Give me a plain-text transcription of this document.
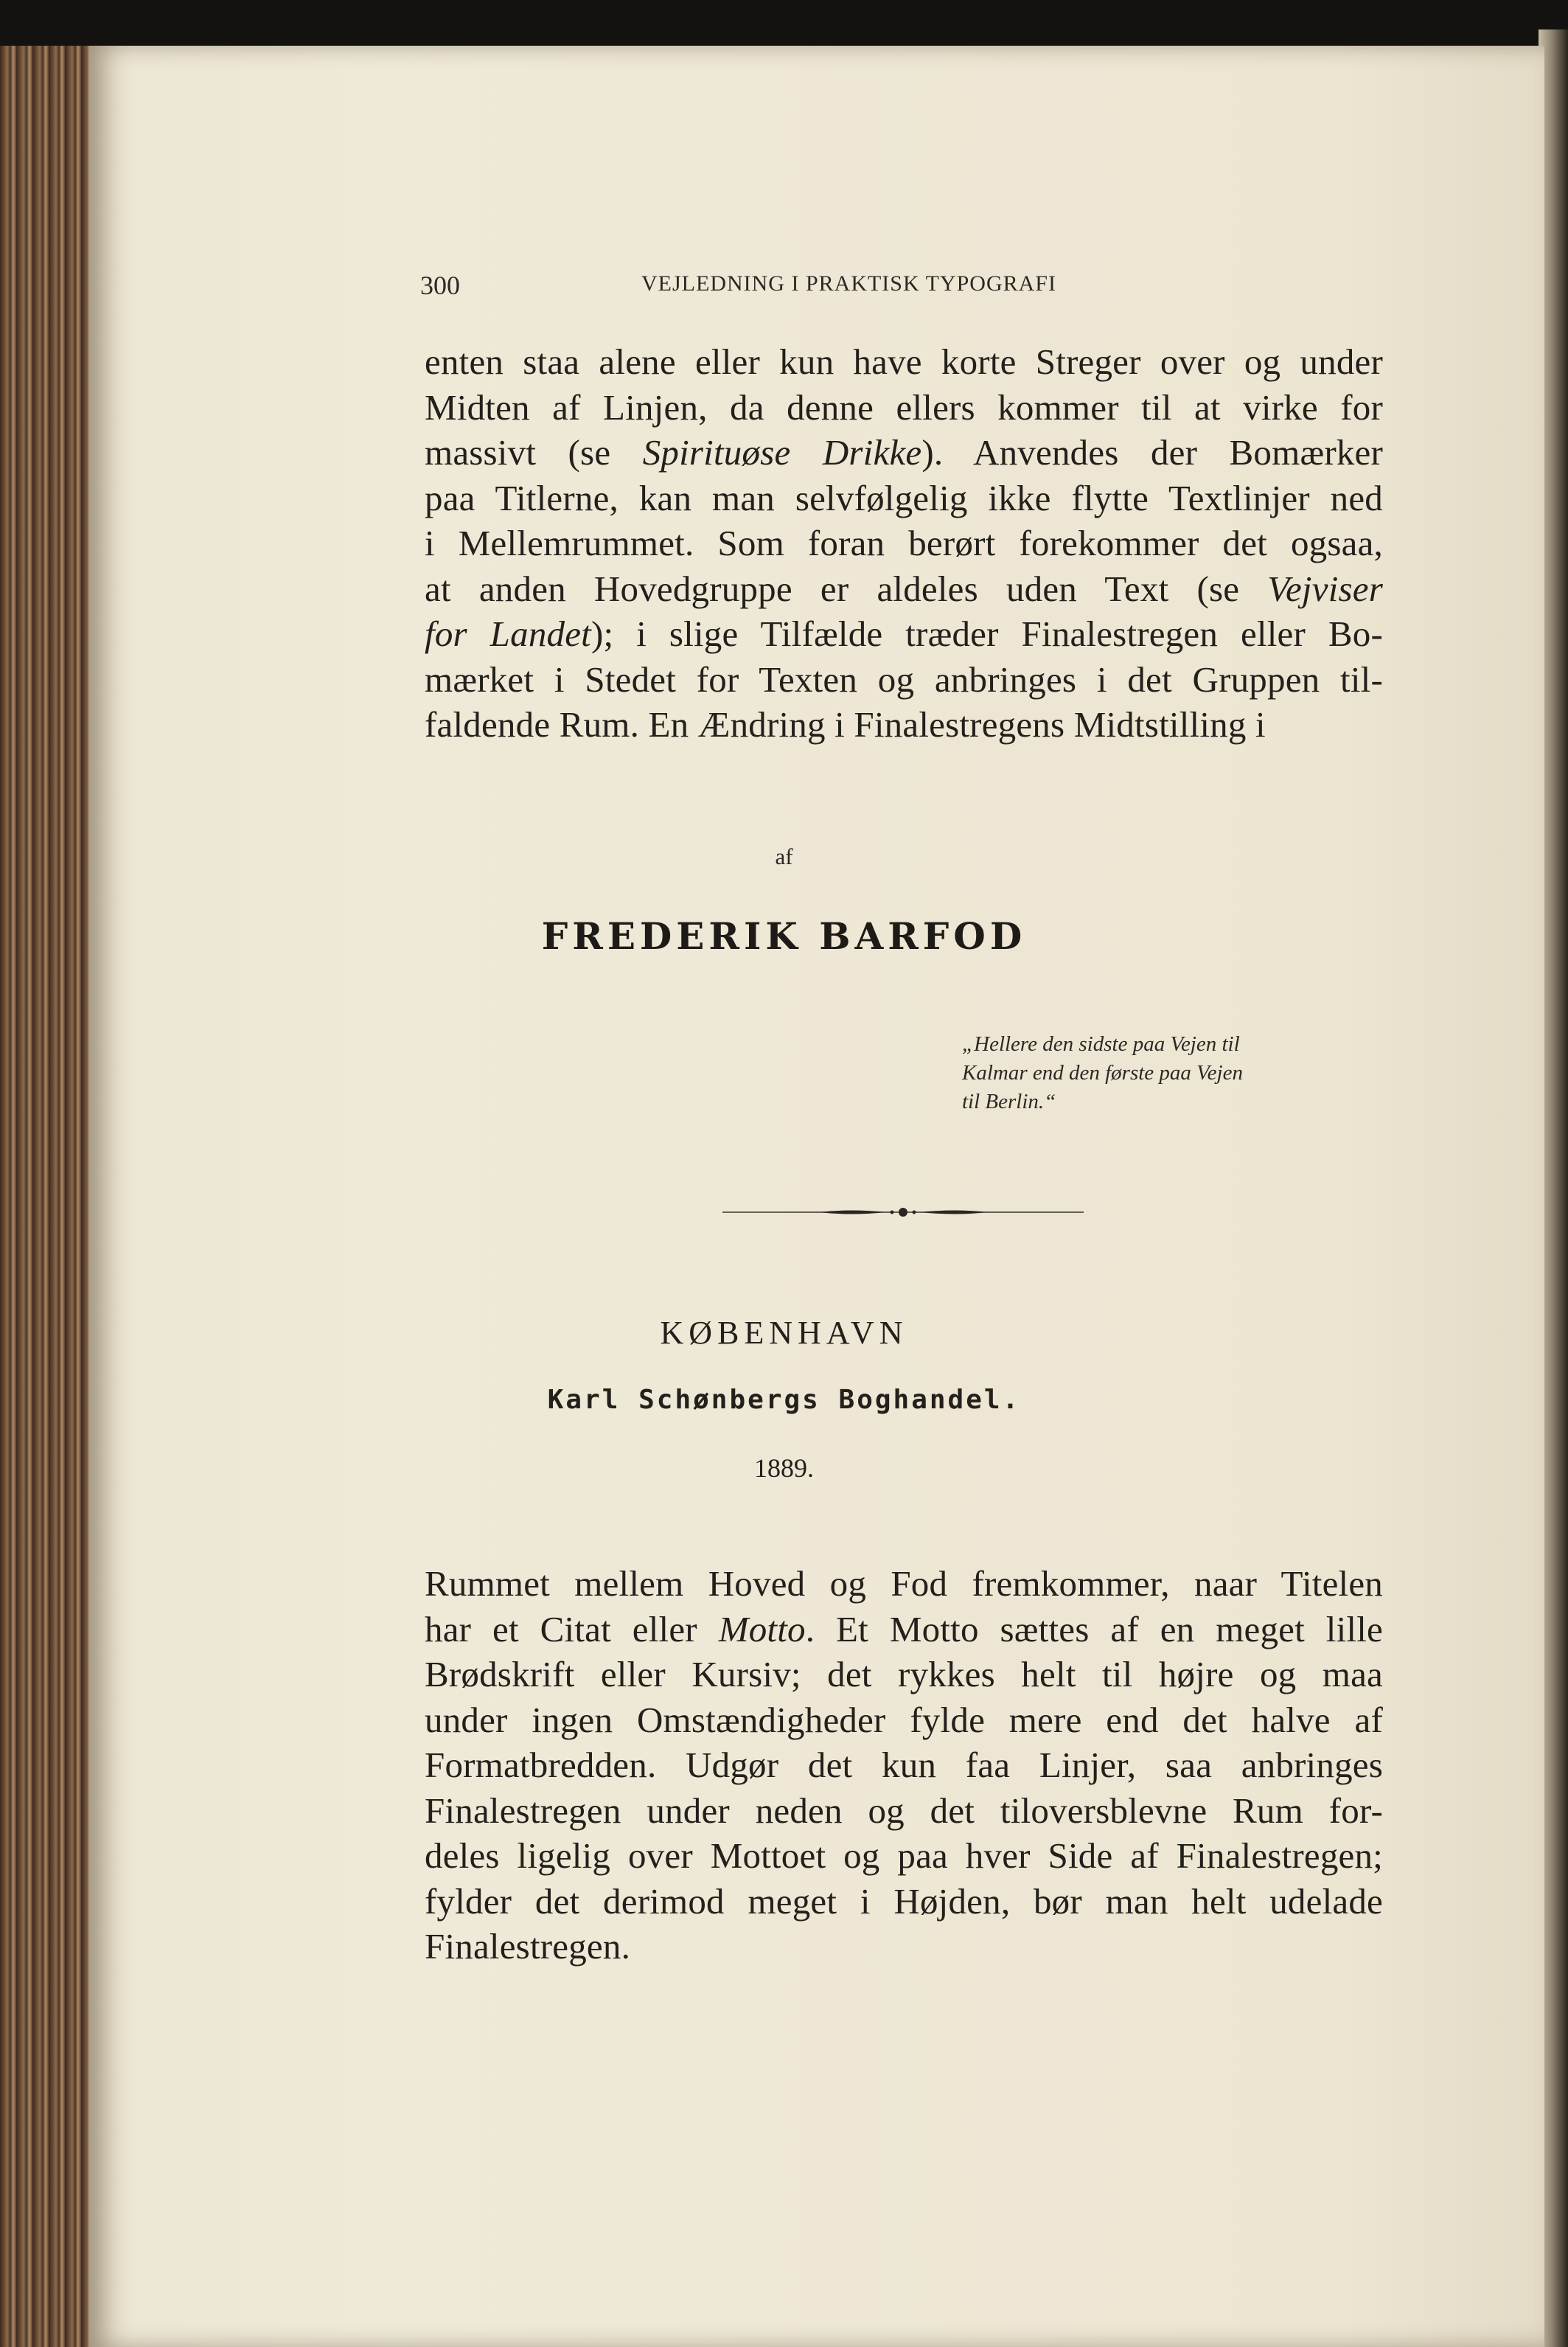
300	VEJLEDNING I PRAKTISK TYPOGRAFI
enten staa alene eller kun have korte Streger over og under
Midten af Linjen, da denne ellers kommer til at virke for
massivt (se Spirituøse Drikke). Anvendes der Bomærker
paa Titlerne, kan man selvfølgelig ikke flytte Textlinjer ned
i Mellemrummet. Som foran berørt forekommer det ogsaa,
at anden Hovedgruppe er aldeles uden Text (se Vejviser
for Landet); i slige Tilfælde træder Finalestregen eller Bo-
mærket i Stedet for Texten og anbringes i det Gruppen til-
faldende Rum. En Ændring i Finalestregens Midtstilling i
af
FREDERIK BARFOD
„Hellere den sidste paa Vejen til
Kalmar end den første paa Vejen
til Berlin.“
KØBENHAVN
Karl Schønbergs Boghandel.
1889.
Rummet mellem Hoved og Fod fremkommer, naar Titelen
har et Citat eller Motto. Et Motto sættes af en meget lille
Brødskrift eller Kursiv; det rykkes helt til højre og maa
under ingen Omstændigheder fylde mere end det halve af
Formatbredden. Udgør det kun faa Linjer, saa anbringes
Finalestregen under neden og det tiloversblevne Rum for-
deles ligelig over Mottoet og paa hver Side af Finalestregen;
fylder det derimod meget i Højden, bør man helt udelade
Finalestregen.
